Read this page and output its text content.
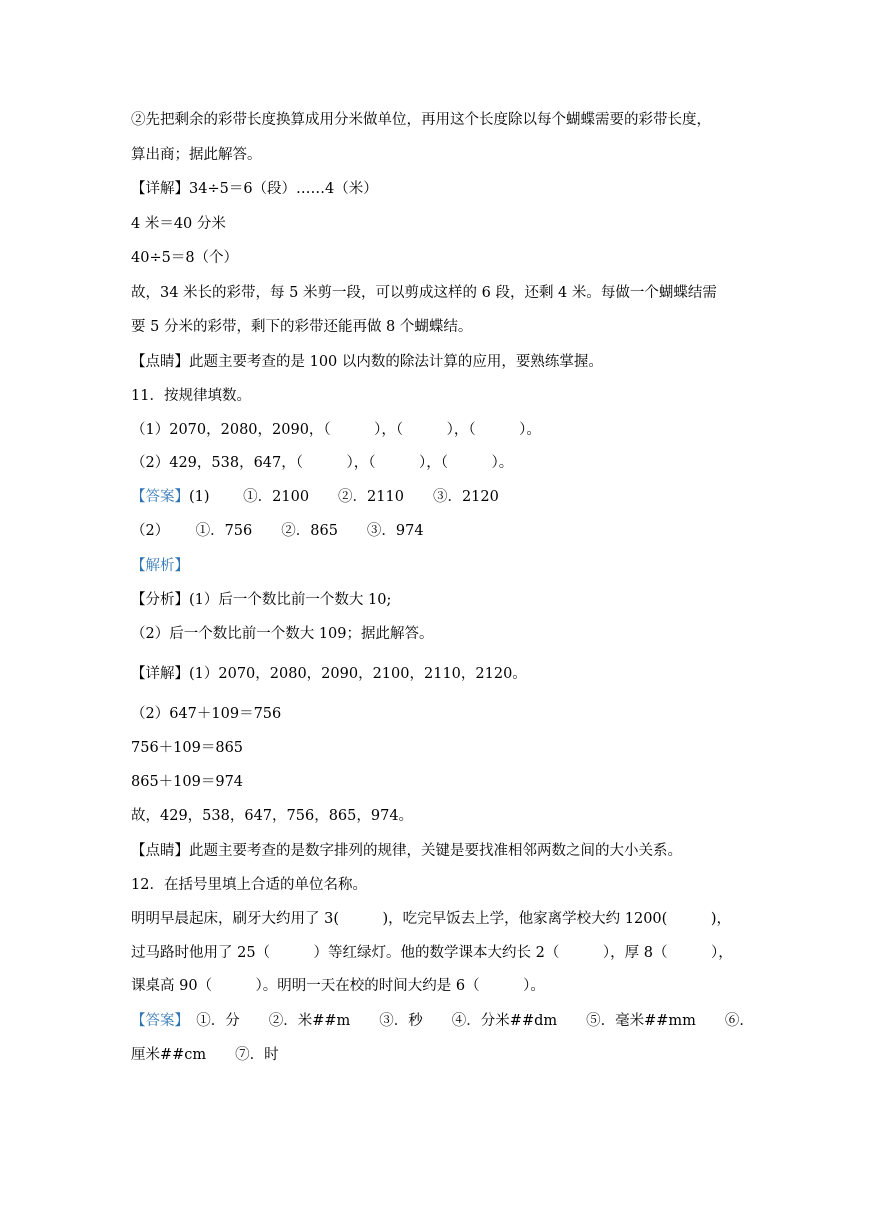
②先把剩余的彩带长度换算成用分米做单位，再用这个长度除以每个蝴蝶需要的彩带长度，
算出商；据此解答。
【详解】34÷5＝6（段）……4（米）
4 米＝40 分米
40÷5＝8（个）
故，34 米长的彩带，每 5 米剪一段，可以剪成这样的 6 段，还剩 4 米。每做一个蝴蝶结需
要 5 分米的彩带，剩下的彩带还能再做 8 个蝴蝶结。
【点睛】此题主要考查的是 100 以内数的除法计算的应用，要熟练掌握。
11．按规律填数。
（1）2070，2080，2090，（　　　），（　　　），（　　　）。
（2）429，538，647，（　　　），（　　　），（　　　）。
【答案】(1)　　 ①．2100　　②．2110　　③．2120
（2）　　 ①．756　　②．865　　③．974
【解析】
【分析】(1）后一个数比前一个数大 10;
（2）后一个数比前一个数大 109；据此解答。
【详解】(1）2070，2080，2090，2100，2110，2120。
（2）647＋109＝756
756＋109＝865
865＋109＝974
故，429，538，647，756，865，974。
【点睛】此题主要考查的是数字排列的规律，关键是要找准相邻两数之间的大小关系。
12．在括号里填上合适的单位名称。
明明早晨起床，刷牙大约用了 3(　　　)，吃完早饭去上学，他家离学校大约 1200(　　　)，
过马路时他用了 25（　　　）等红绿灯。他的数学课本大约长 2（　　　），厚 8（　　　），
课桌高 90（　　　）。明明一天在校的时间大约是 6（　　　）。
【答案】　①．分　　②．米##m　　③．秒　　④．分米##dm　　⑤．毫米##mm　　⑥．
厘米##cm　　⑦．时
